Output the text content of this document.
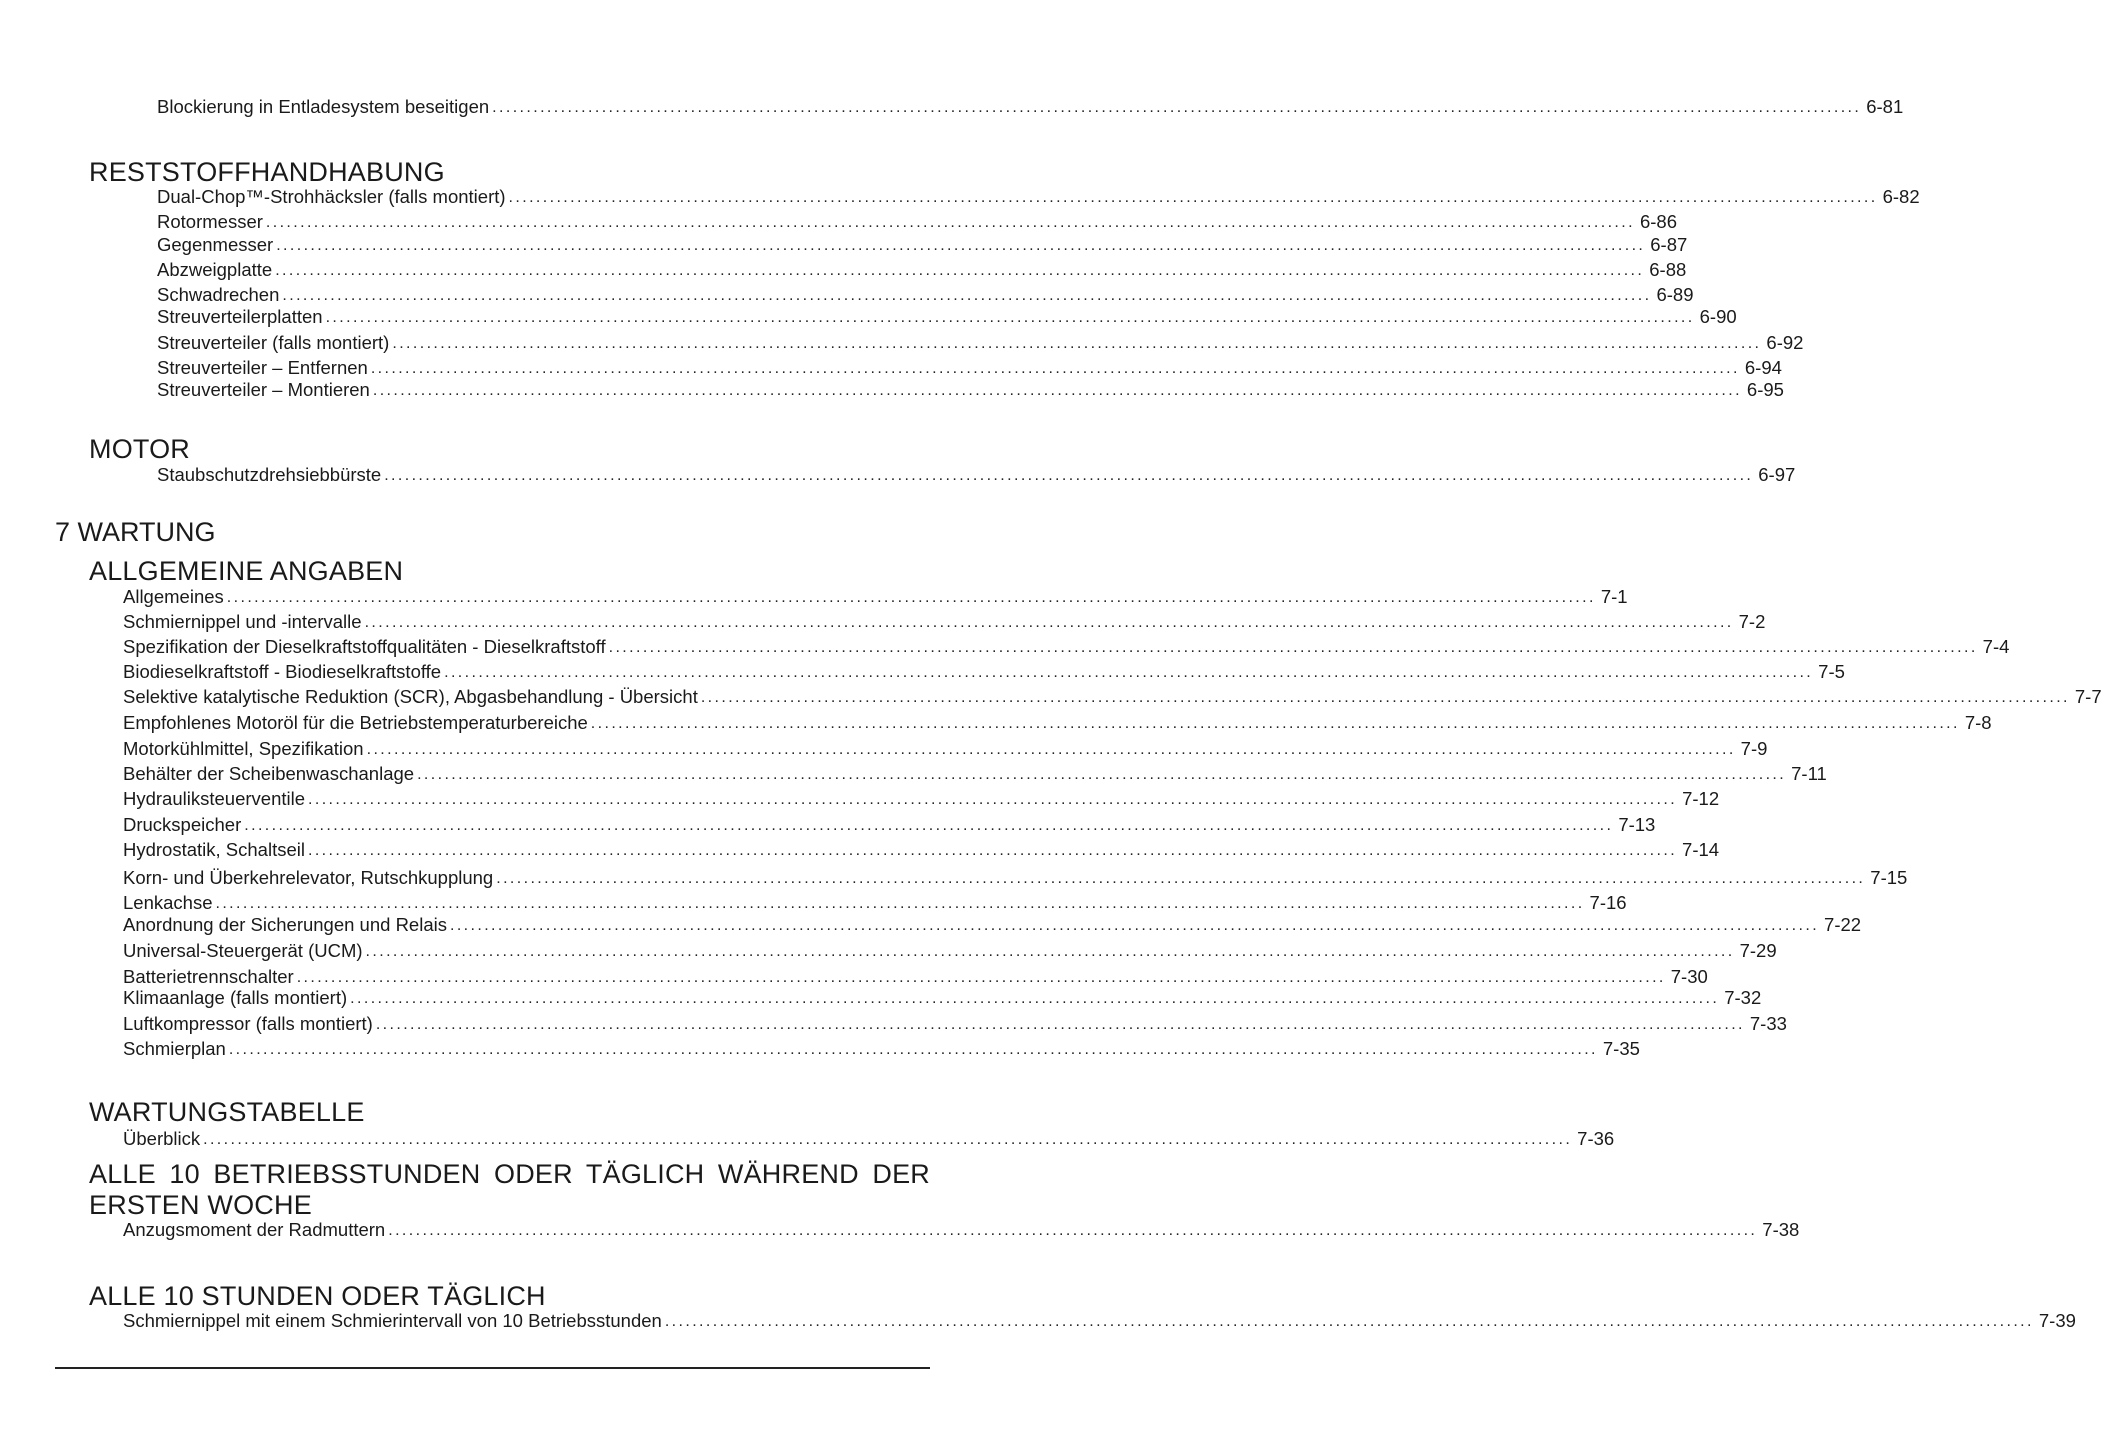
Blockierung in Entladesystem beseitigen ........................................................................................................................................................................................................ 6-81
RESTSTOFFHANDHABUNG
Dual-Chop™-Strohhäcksler (falls montiert) ........................................................................................................................................................................................................ 6-82
Rotormesser ........................................................................................................................................................................................................ 6-86
Gegenmesser ........................................................................................................................................................................................................ 6-87
Abzweigplatte ........................................................................................................................................................................................................ 6-88
Schwadrechen ........................................................................................................................................................................................................ 6-89
Streuverteilerplatten ........................................................................................................................................................................................................ 6-90
Streuverteiler (falls montiert) ........................................................................................................................................................................................................ 6-92
Streuverteiler – Entfernen ........................................................................................................................................................................................................ 6-94
Streuverteiler – Montieren ........................................................................................................................................................................................................ 6-95
MOTOR
Staubschutzdrehsiebbürste ........................................................................................................................................................................................................ 6-97
7 WARTUNG
ALLGEMEINE ANGABEN
Allgemeines ........................................................................................................................................................................................................ 7-1
Schmiernippel und -intervalle ........................................................................................................................................................................................................ 7-2
Spezifikation der Dieselkraftstoffqualitäten - Dieselkraftstoff ........................................................................................................................................................................................................ 7-4
Biodieselkraftstoff - Biodieselkraftstoffe ........................................................................................................................................................................................................ 7-5
Selektive katalytische Reduktion (SCR), Abgasbehandlung - Übersicht ........................................................................................................................................................................................................ 7-7
Empfohlenes Motoröl für die Betriebstemperaturbereiche ........................................................................................................................................................................................................ 7-8
Motorkühlmittel, Spezifikation ........................................................................................................................................................................................................ 7-9
Behälter der Scheibenwaschanlage ........................................................................................................................................................................................................ 7-11
Hydrauliksteuerventile ........................................................................................................................................................................................................ 7-12
Druckspeicher ........................................................................................................................................................................................................ 7-13
Hydrostatik, Schaltseil ........................................................................................................................................................................................................ 7-14
Korn- und Überkehrelevator, Rutschkupplung ........................................................................................................................................................................................................ 7-15
Lenkachse ........................................................................................................................................................................................................ 7-16
Anordnung der Sicherungen und Relais ........................................................................................................................................................................................................ 7-22
Universal-Steuergerät (UCM) ........................................................................................................................................................................................................ 7-29
Batterietrennschalter ........................................................................................................................................................................................................ 7-30
Klimaanlage (falls montiert) ........................................................................................................................................................................................................ 7-32
Luftkompressor (falls montiert) ........................................................................................................................................................................................................ 7-33
Schmierplan ........................................................................................................................................................................................................ 7-35
WARTUNGSTABELLE
Überblick ........................................................................................................................................................................................................ 7-36
ALLE 10 BETRIEBSSTUNDEN ODER TÄGLICH WÄHREND DER ERSTEN WOCHE
Anzugsmoment der Radmuttern ........................................................................................................................................................................................................ 7-38
ALLE 10 STUNDEN ODER TÄGLICH
Schmiernippel mit einem Schmierintervall von 10 Betriebsstunden ........................................................................................................................................................................................................ 7-39
